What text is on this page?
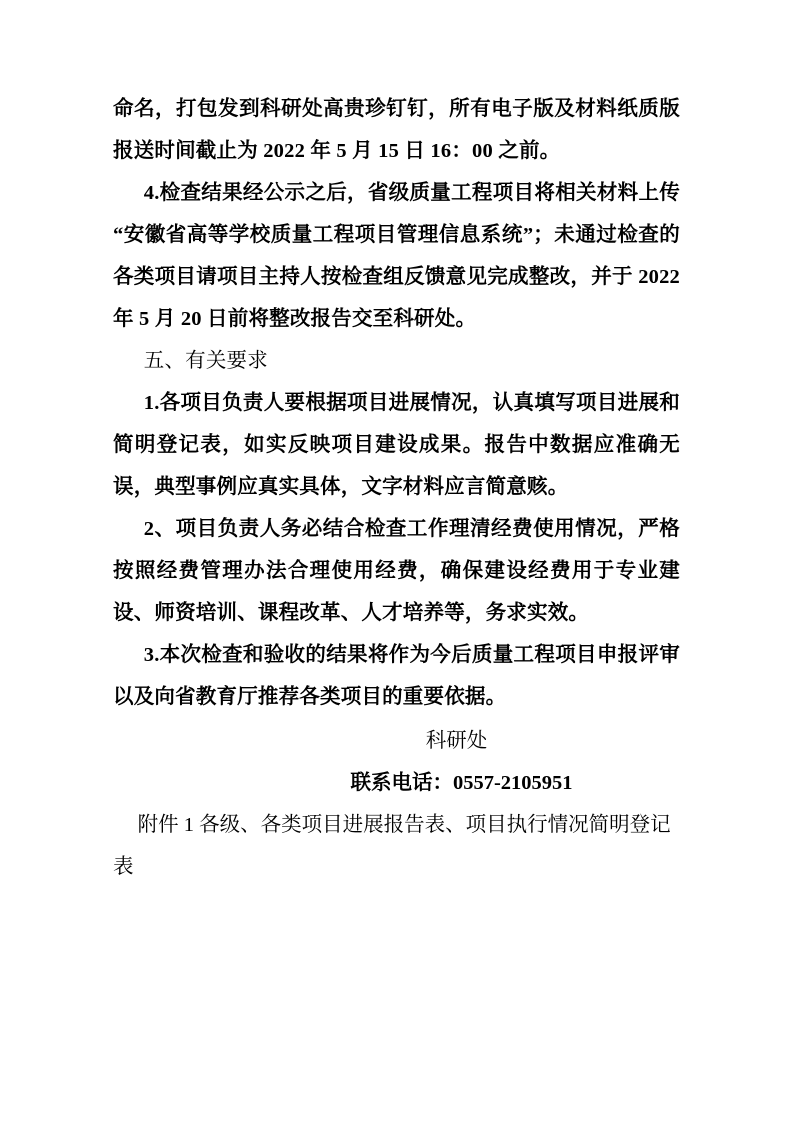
命名，打包发到科研处高贵珍钉钉，所有电子版及材料纸质版报送时间截止为 2022 年 5 月 15 日 16：00 之前。

4.检查结果经公示之后，省级质量工程项目将相关材料上传 “安徽省高等学校质量工程项目管理信息系统”；未通过检查的各类项目请项目主持人按检查组反馈意见完成整改，并于 2022 年 5 月 20 日前将整改报告交至科研处。

五、有关要求

1.各项目负责人要根据项目进展情况，认真填写项目进展和简明登记表，如实反映项目建设成果。报告中数据应准确无误，典型事例应真实具体，文字材料应言简意赅。

2、项目负责人务必结合检查工作理清经费使用情况，严格按照经费管理办法合理使用经费，确保建设经费用于专业建设、师资培训、课程改革、人才培养等，务求实效。

3.本次检查和验收的结果将作为今后质量工程项目申报评审以及向省教育厅推荐各类项目的重要依据。

科研处

联系电话：0557-2105951

附件 1 各级、各类项目进展报告表、项目执行情况简明登记表
